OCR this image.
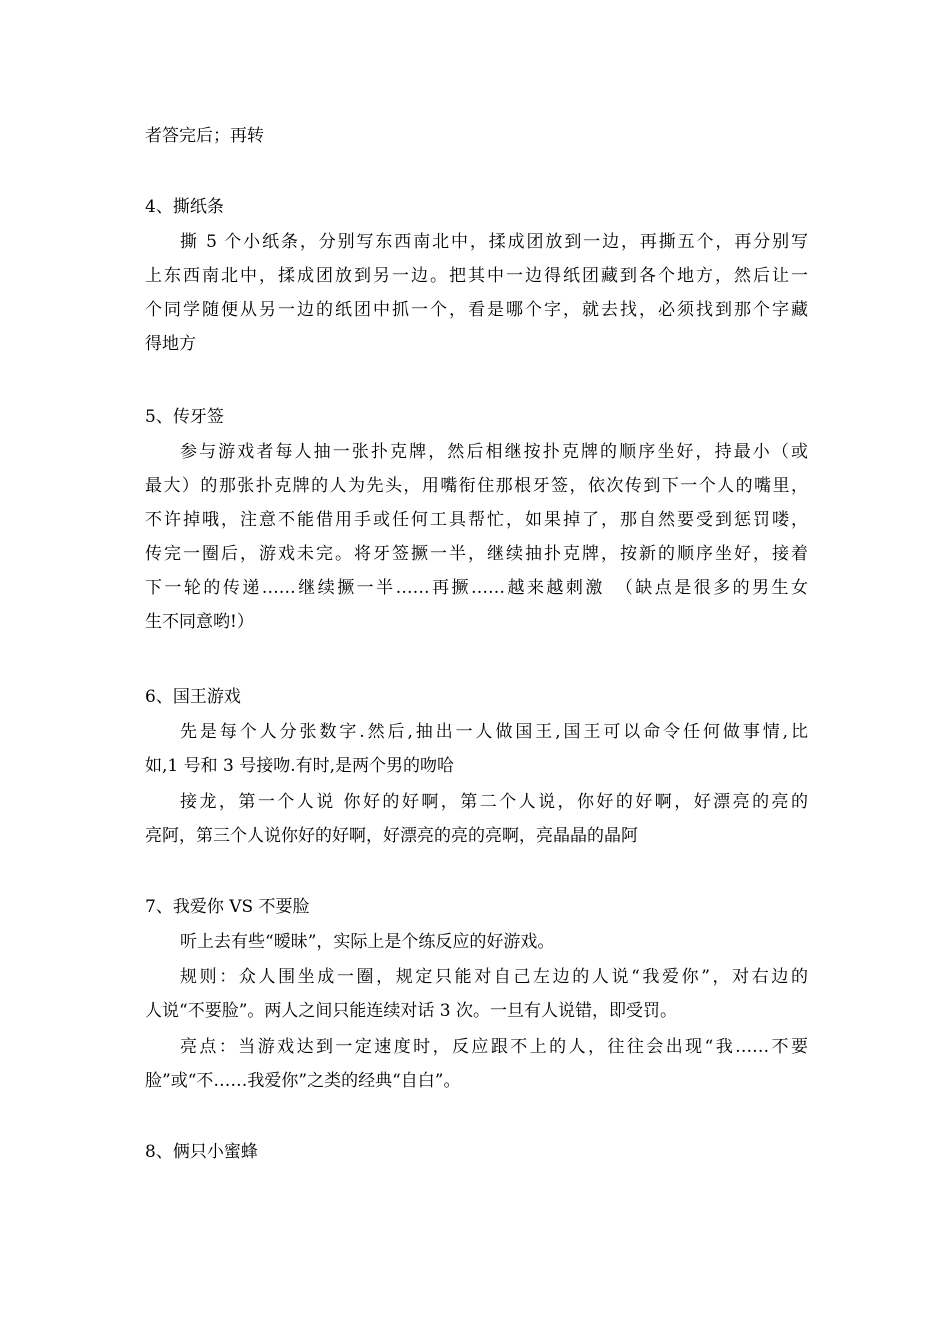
者答完后；再转
4、撕纸条
撕 5 个小纸条，分别写东西南北中，揉成团放到一边，再撕五个，再分别写
上东西南北中，揉成团放到另一边。把其中一边得纸团藏到各个地方，然后让一
个同学随便从另一边的纸团中抓一个，看是哪个字，就去找，必须找到那个字藏
得地方
5、传牙签
参与游戏者每人抽一张扑克牌，然后相继按扑克牌的顺序坐好，持最小（或
最大）的那张扑克牌的人为先头，用嘴衔住那根牙签，依次传到下一个人的嘴里，
不许掉哦，注意不能借用手或任何工具帮忙，如果掉了，那自然要受到惩罚喽，
传完一圈后，游戏未完。将牙签撅一半，继续抽扑克牌，按新的顺序坐好，接着
下一轮的传递……继续撅一半……再撅……越来越刺激　（缺点是很多的男生女
生不同意哟!）
6、国王游戏
先是每个人分张数字.然后,抽出一人做国王,国王可以命令任何做事情,比
如,1 号和 3 号接吻.有时,是两个男的吻哈
接龙，第一个人说 你好的好啊，第二个人说，你好的好啊，好漂亮的亮的
亮阿，第三个人说你好的好啊，好漂亮的亮的亮啊，亮晶晶的晶阿
7、我爱你 VS 不要脸
听上去有些“暧昧”，实际上是个练反应的好游戏。
规则：众人围坐成一圈，规定只能对自己左边的人说“我爱你”，对右边的
人说“不要脸”。两人之间只能连续对话 3 次。一旦有人说错，即受罚。
亮点：当游戏达到一定速度时，反应跟不上的人，往往会出现“我……不要
脸”或“不……我爱你”之类的经典“自白”。
8、俩只小蜜蜂
